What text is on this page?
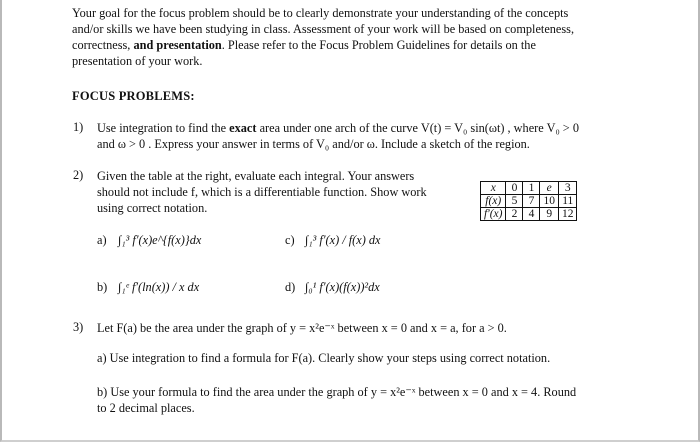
Your goal for the focus problem should be to clearly demonstrate your understanding of the concepts
and/or skills we have been studying in class. Assessment of your work will be based on completeness,
correctness, and presentation. Please refer to the Focus Problem Guidelines for details on the
presentation of your work.
FOCUS PROBLEMS:
1) Use integration to find the exact area under one arch of the curve V(t) = V₀ sin(ωt) , where V₀ > 0
and ω > 0 . Express your answer in terms of V₀ and/or ω. Include a sketch of the region.
2) Given the table at the right, evaluate each integral. Your answers
should not include f, which is a differentiable function. Show work
using correct notation.
x	0	1	e	3
f(x)	5	7	10	11
f′(x)	2	4	9	12
a) ∫₁³ f′(x)e^{f(x)}dx	c) ∫₁³ f′(x) / f(x) dx
b) ∫₁ᵉ f′(ln(x)) / x dx	d) ∫₀¹ f′(x)(f(x))²dx
3) Let F(a) be the area under the graph of y = x²e⁻ˣ between x = 0 and x = a, for a > 0.
a) Use integration to find a formula for F(a). Clearly show your steps using correct notation.
b) Use your formula to find the area under the graph of y = x²e⁻ˣ between x = 0 and x = 4. Round
to 2 decimal places.
